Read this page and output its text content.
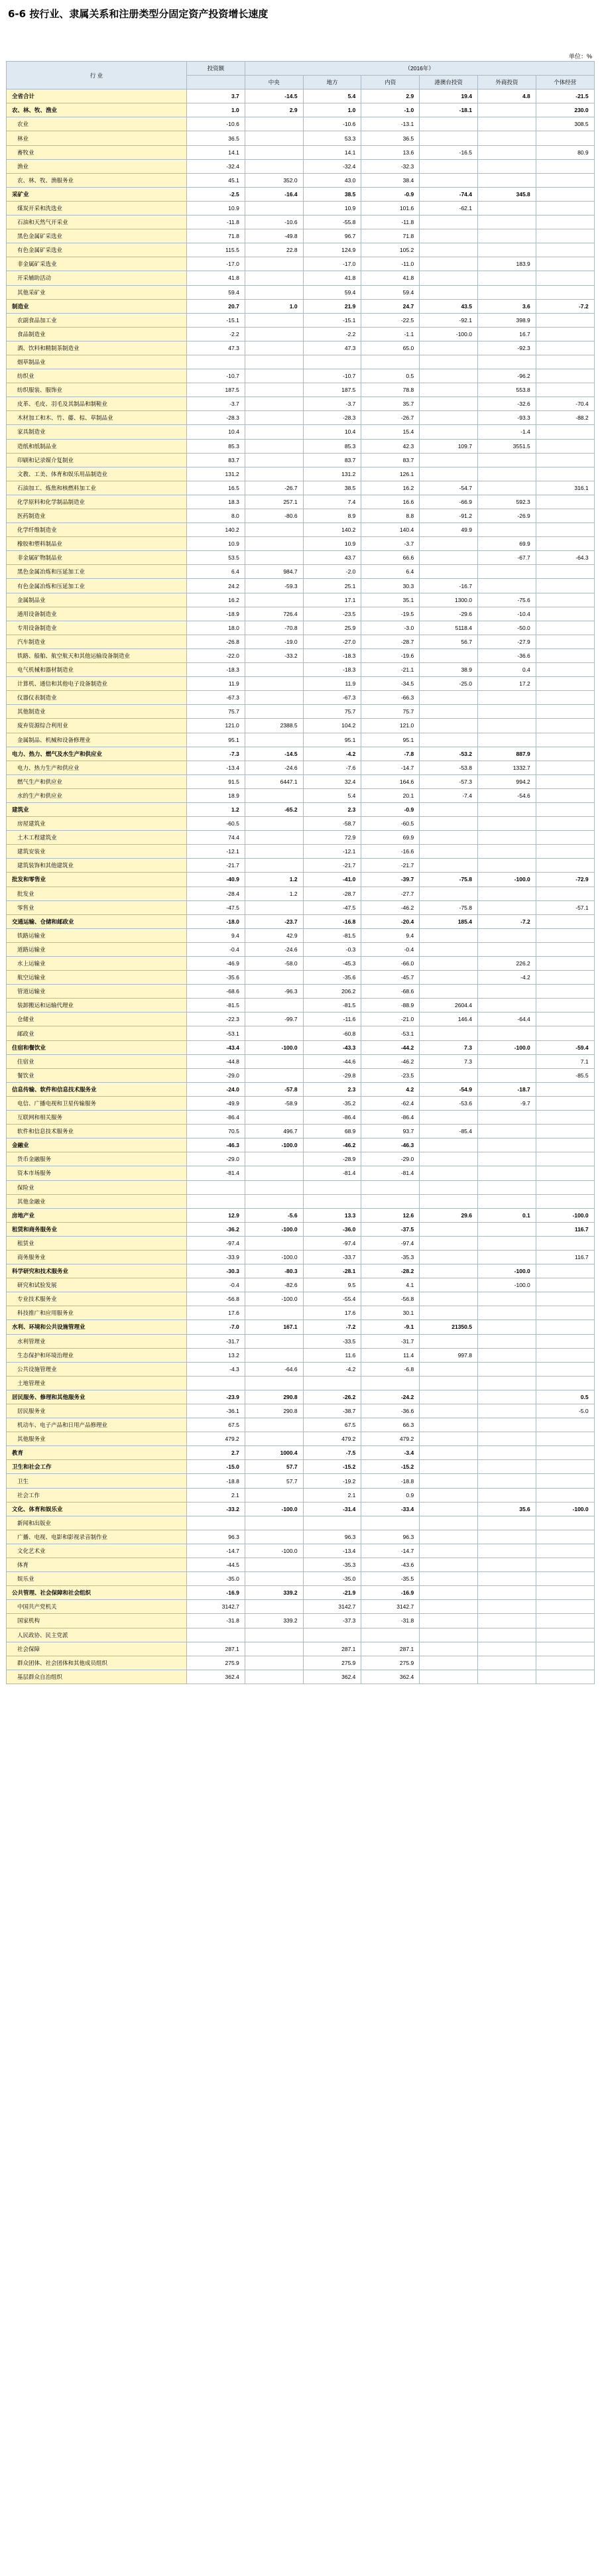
6-6 按行业、隶属关系和注册类型分固定资产投资增长速度
单位：%
行 业	投资额	（2016年）					
		中央	地方	内资	港澳台投资	外商投资	个体经营
全省合计	3.7	-14.5	5.4	2.9	19.4	4.8	-21.5
农、林、牧、渔业	1.0	2.9	1.0	-1.0	-18.1		230.0
农业	-10.6		-10.6	-13.1			308.5
林业	36.5		53.3	36.5			
畜牧业	14.1		14.1	13.6	-16.5		80.9
渔业	-32.4		-32.4	-32.3			
农、林、牧、渔服务业	45.1	352.0	43.0	38.4			
采矿业	-2.5	-16.4	38.5	-0.9	-74.4	345.8	
煤炭开采和洗选业	10.9		10.9	101.6	-62.1		
石油和天然气开采业	-11.8	-10.6	-55.8	-11.8			
黑色金属矿采选业	71.8	-49.8	96.7	71.8			
有色金属矿采选业	115.5	22.8	124.9	105.2			
非金属矿采选业	-17.0		-17.0	-11.0		183.9	
开采辅助活动	41.8		41.8	41.8			
其他采矿业	59.4		59.4	59.4			
制造业	20.7	1.0	21.9	24.7	43.5	3.6	-7.2
农副食品加工业	-15.1		-15.1	-22.5	-92.1	398.9	
食品制造业	-2.2		-2.2	-1.1	-100.0	16.7	
酒、饮料和精制茶制造业	47.3		47.3	65.0		-92.3	
烟草制品业							
纺织业	-10.7		-10.7	0.5		-96.2	
纺织服装、服饰业	187.5		187.5	78.8		553.8	
皮革、毛皮、羽毛及其制品和制鞋业	-3.7		-3.7	35.7		-32.6	-70.4
木材加工和木、竹、藤、棕、草制品业	-28.3		-28.3	-26.7		-93.3	-88.2
家具制造业	10.4		10.4	15.4		-1.4	
造纸和纸制品业	85.3		85.3	42.3	109.7	3551.5	
印刷和记录媒介复制业	83.7		83.7	83.7			
文教、工美、体育和娱乐用品制造业	131.2		131.2	126.1			
石油加工、炼焦和核燃料加工业	16.5	-26.7	38.5	16.2	-54.7		316.1
化学原料和化学制品制造业	18.3	257.1	7.4	16.6	-66.9	592.3	
医药制造业	8.0	-80.6	8.9	8.8	-91.2	-26.9	
化学纤维制造业	140.2		140.2	140.4	49.9		
橡胶和塑料制品业	10.9		10.9	-3.7		69.9	
非金属矿物制品业	53.5		43.7	66.6		-67.7	-64.3
黑色金属冶炼和压延加工业	6.4	984.7	-2.0	6.4			
有色金属冶炼和压延加工业	24.2	-59.3	25.1	30.3	-16.7		
金属制品业	16.2		17.1	35.1	1300.0	-75.6	
通用设备制造业	-18.9	726.4	-23.5	-19.5	-29.6	-10.4	
专用设备制造业	18.0	-70.8	25.9	-3.0	5118.4	-50.0	
汽车制造业	-26.8	-19.0	-27.0	-28.7	56.7	-27.9	
铁路、船舶、航空航天和其他运输设备制造业	-22.0	-33.2	-18.3	-19.6		-36.6	
电气机械和器材制造业	-18.3		-18.3	-21.1	38.9	0.4	
计算机、通信和其他电子设备制造业	11.9		11.9	-34.5	-25.0	17.2	
仪器仪表制造业	-67.3		-67.3	-66.3			
其他制造业	75.7		75.7	75.7			
废弃资源综合利用业	121.0	2388.5	104.2	121.0			
金属制品、机械和设备修理业	95.1		95.1	95.1			
电力、热力、燃气及水生产和供应业	-7.3	-14.5	-4.2	-7.8	-53.2	887.9	
电力、热力生产和供应业	-13.4	-24.6	-7.6	-14.7	-53.8	1332.7	
燃气生产和供应业	91.5	6447.1	32.4	164.6	-57.3	994.2	
水的生产和供应业	18.9		5.4	20.1	-7.4	-54.6	
建筑业	1.2	-65.2	2.3	-0.9			
房屋建筑业	-60.5		-58.7	-60.5			
土木工程建筑业	74.4		72.9	69.9			
建筑安装业	-12.1		-12.1	-16.6			
建筑装饰和其他建筑业	-21.7		-21.7	-21.7			
批发和零售业	-40.9	1.2	-41.0	-39.7	-75.8	-100.0	-72.9
批发业	-28.4	1.2	-28.7	-27.7			
零售业	-47.5		-47.5	-46.2	-75.8		-57.1
交通运输、仓储和邮政业	-18.0	-23.7	-16.8	-20.4	185.4	-7.2	
铁路运输业	9.4	42.9	-81.5	9.4			
道路运输业	-0.4	-24.6	-0.3	-0.4			
水上运输业	-46.9	-58.0	-45.3	-66.0		226.2	
航空运输业	-35.6		-35.6	-45.7		-4.2	
管道运输业	-68.6	-96.3	206.2	-68.6			
装卸搬运和运输代理业	-81.5		-81.5	-88.9	2604.4		
仓储业	-22.3	-99.7	-11.6	-21.0	146.4	-64.4	
邮政业	-53.1		-60.8	-53.1			
住宿和餐饮业	-43.4	-100.0	-43.3	-44.2	7.3	-100.0	-59.4
住宿业	-44.8		-44.6	-46.2	7.3		7.1
餐饮业	-29.0		-29.8	-23.5			-85.5
信息传输、软件和信息技术服务业	-24.0	-57.8	2.3	4.2	-54.9	-18.7	
电信、广播电视和卫星传输服务	-49.9	-58.9	-35.2	-62.4	-53.6	-9.7	
互联网和相关服务	-86.4		-86.4	-86.4			
软件和信息技术服务业	70.5	496.7	68.9	93.7	-85.4		
金融业	-46.3	-100.0	-46.2	-46.3			
货币金融服务	-29.0		-28.9	-29.0			
资本市场服务	-81.4		-81.4	-81.4			
保险业							
其他金融业							
房地产业	12.9	-5.6	13.3	12.6	29.6	0.1	-100.0
租赁和商务服务业	-36.2	-100.0	-36.0	-37.5			116.7
租赁业	-97.4		-97.4	-97.4			
商务服务业	-33.9	-100.0	-33.7	-35.3			116.7
科学研究和技术服务业	-30.3	-80.3	-28.1	-28.2		-100.0	
研究和试验发展	-0.4	-82.6	9.5	4.1		-100.0	
专业技术服务业	-56.8	-100.0	-55.4	-56.8			
科技推广和应用服务业	17.6		17.6	30.1			
水利、环境和公共设施管理业	-7.0	167.1	-7.2	-9.1	21350.5		
水利管理业	-31.7		-33.5	-31.7			
生态保护和环境治理业	13.2		11.6	11.4	997.8		
公共设施管理业	-4.3	-64.6	-4.2	-6.8			
土地管理业							
居民服务、修理和其他服务业	-23.9	290.8	-26.2	-24.2			0.5
居民服务业	-36.1	290.8	-38.7	-36.6			-5.0
机动车、电子产品和日用产品修理业	67.5		67.5	66.3			
其他服务业	479.2		479.2	479.2			
教育	2.7	1000.4	-7.5	-3.4			
卫生和社会工作	-15.0	57.7	-15.2	-15.2			
卫生	-18.8	57.7	-19.2	-18.8			
社会工作	2.1		2.1	0.9			
文化、体育和娱乐业	-33.2	-100.0	-31.4	-33.4		35.6	-100.0
新闻和出版业							
广播、电视、电影和影视录音制作业	96.3		96.3	96.3			
文化艺术业	-14.7	-100.0	-13.4	-14.7			
体育	-44.5		-35.3	-43.6			
娱乐业	-35.0		-35.0	-35.5			
公共管理、社会保障和社会组织	-16.9	339.2	-21.9	-16.9			
中国共产党机关	3142.7		3142.7	3142.7			
国家机构	-31.8	339.2	-37.3	-31.8			
人民政协、民主党派							
社会保障	287.1		287.1	287.1			
群众团体、社会团体和其他成员组织	275.9		275.9	275.9			
基层群众自治组织	362.4		362.4	362.4			
